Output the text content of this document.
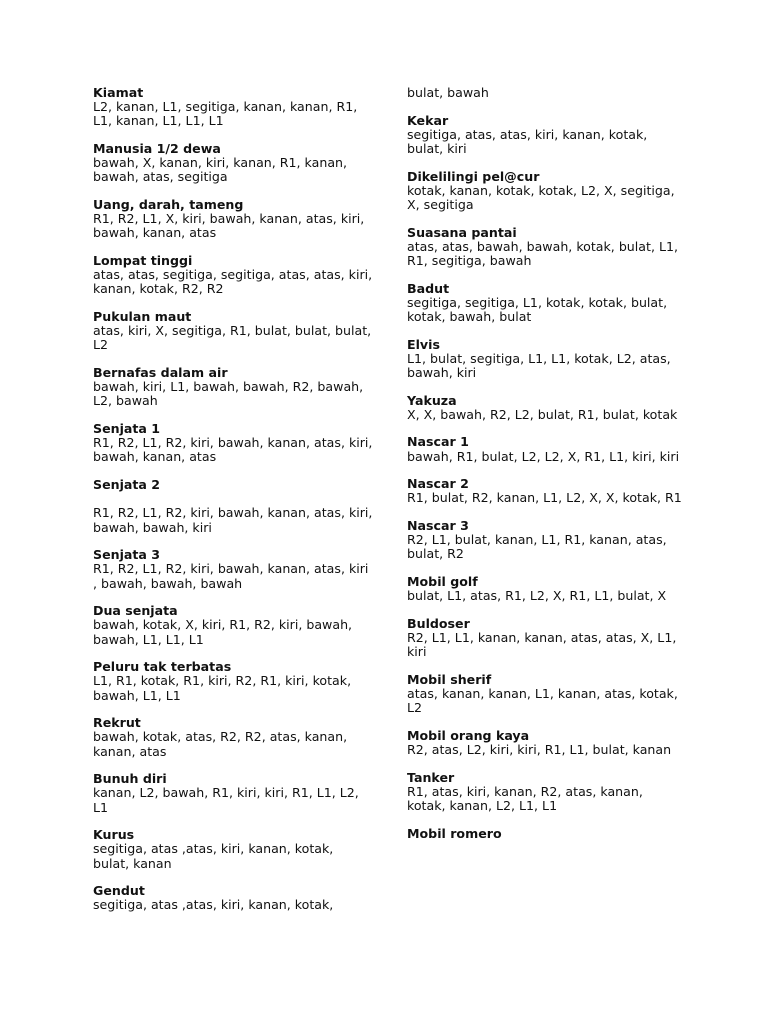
Kiamat
L2, kanan, L1, segitiga, kanan, kanan, R1, L1, kanan, L1, L1, L1
Manusia 1/2 dewa
bawah, X, kanan, kiri, kanan, R1, kanan, bawah, atas, segitiga
Uang, darah, tameng
R1, R2, L1, X, kiri, bawah, kanan, atas, kiri, bawah, kanan, atas
Lompat tinggi
atas, atas, segitiga, segitiga, atas, atas, kiri, kanan, kotak, R2, R2
Pukulan maut
atas, kiri, X, segitiga, R1, bulat, bulat, bulat, L2
Bernafas dalam air
bawah, kiri, L1, bawah, bawah, R2, bawah, L2, bawah
Senjata 1
R1, R2, L1, R2, kiri, bawah, kanan, atas, kiri, bawah, kanan, atas
Senjata 2
R1, R2, L1, R2, kiri, bawah, kanan, atas, kiri, bawah, bawah, kiri
Senjata 3
R1, R2, L1, R2, kiri, bawah, kanan, atas, kiri , bawah, bawah, bawah
Dua senjata
bawah, kotak, X, kiri, R1, R2, kiri, bawah, bawah, L1, L1, L1
Peluru tak terbatas
L1, R1, kotak, R1, kiri, R2, R1, kiri, kotak, bawah, L1, L1
Rekrut
bawah, kotak, atas, R2, R2, atas, kanan, kanan, atas
Bunuh diri
kanan, L2, bawah, R1, kiri, kiri, R1, L1, L2, L1
Kurus
segitiga, atas ,atas, kiri, kanan, kotak, bulat, kanan
Gendut
segitiga, atas ,atas, kiri, kanan, kotak,
bulat, bawah
Kekar
segitiga, atas, atas, kiri, kanan, kotak, bulat, kiri
Dikelilingi pel@cur
kotak, kanan, kotak, kotak, L2, X, segitiga, X, segitiga
Suasana pantai
atas, atas, bawah, bawah, kotak, bulat, L1, R1, segitiga, bawah
Badut
segitiga, segitiga, L1, kotak, kotak, bulat, kotak, bawah, bulat
Elvis
L1, bulat, segitiga, L1, L1, kotak, L2, atas, bawah, kiri
Yakuza
X, X, bawah, R2, L2, bulat, R1, bulat, kotak
Nascar 1
bawah, R1, bulat, L2, L2, X, R1, L1, kiri, kiri
Nascar 2
R1, bulat, R2, kanan, L1, L2, X, X, kotak, R1
Nascar 3
R2, L1, bulat, kanan, L1, R1, kanan, atas, bulat, R2
Mobil golf
bulat, L1, atas, R1, L2, X, R1, L1, bulat, X
Buldoser
R2, L1, L1, kanan, kanan, atas, atas, X, L1, kiri
Mobil sherif
atas, kanan, kanan, L1, kanan, atas, kotak, L2
Mobil orang kaya
R2, atas, L2, kiri, kiri, R1, L1, bulat, kanan
Tanker
R1, atas, kiri, kanan, R2, atas, kanan, kotak, kanan, L2, L1, L1
Mobil romero
